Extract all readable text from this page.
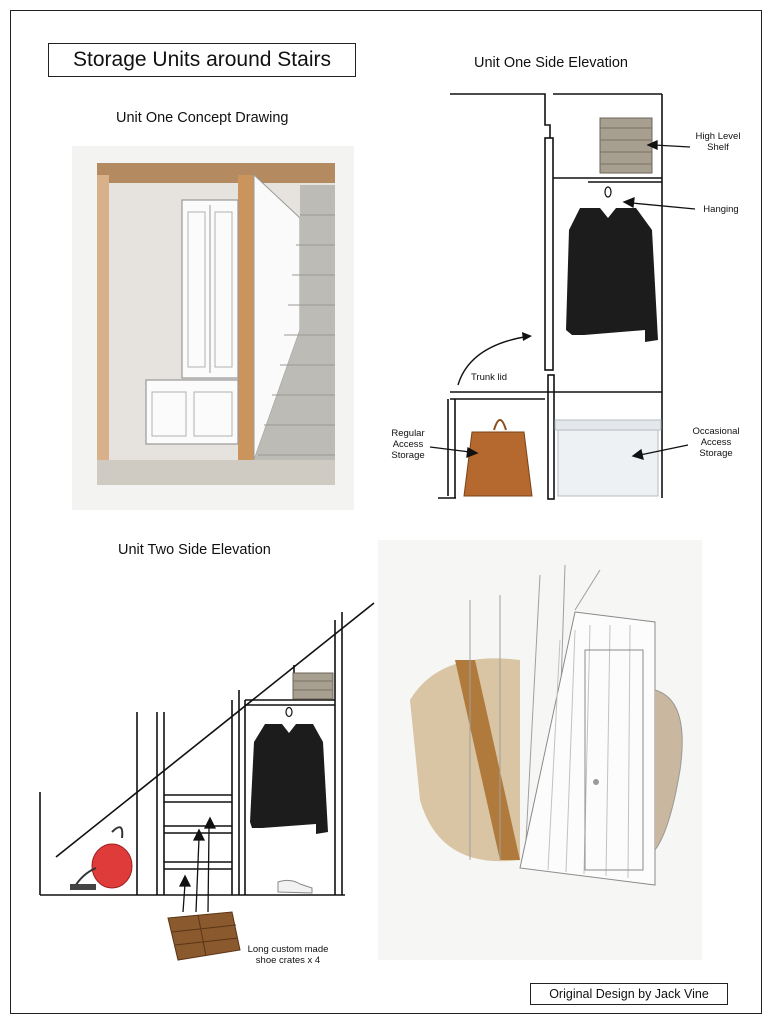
Storage Units around Stairs
Unit One Concept Drawing
Unit One Side Elevation
Unit Two Side Elevation
High Level Shelf
Hanging
Trunk lid
Regular Access Storage
Occasional Access Storage
Long custom made shoe crates x 4
Original Design by Jack Vine
